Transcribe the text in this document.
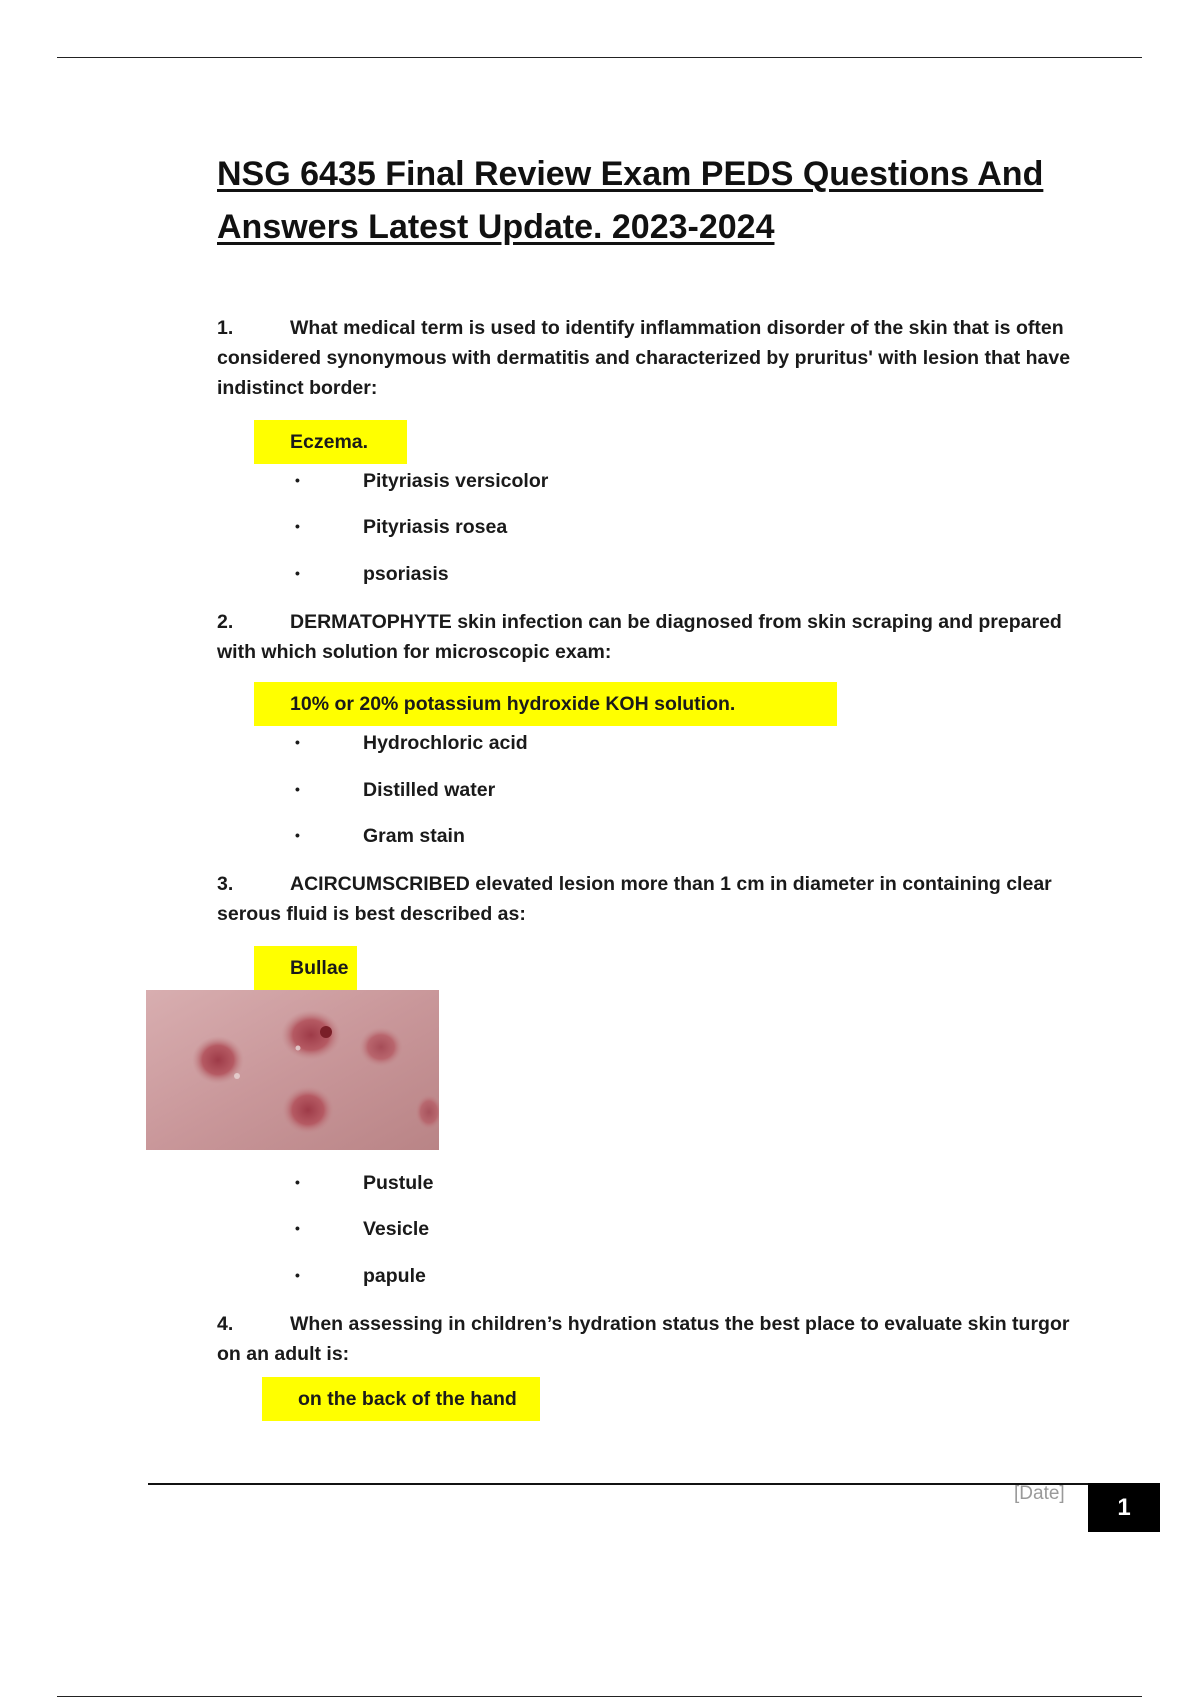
NSG 6435 Final Review Exam PEDS Questions And Answers Latest Update. 2023-2024
1.	What medical term is used to identify inflammation disorder of the skin that is often considered synonymous with dermatitis and characterized by pruritus' with lesion that have indistinct border:
Eczema.
•	Pityriasis versicolor
•	Pityriasis rosea
•	psoriasis
2.	DERMATOPHYTE skin infection can be diagnosed from skin scraping and prepared with which solution for microscopic exam:
10% or 20% potassium hydroxide KOH solution.
•	Hydrochloric acid
•	Distilled water
•	Gram stain
3.	ACIRCUMSCRIBED elevated lesion more than 1 cm in diameter in containing clear serous fluid is best described as:
Bullae
•	Pustule
•	Vesicle
•	papule
4.	When assessing in children’s hydration status the best place to evaluate skin turgor on an adult is:
on the back of the hand
[Date]	1
